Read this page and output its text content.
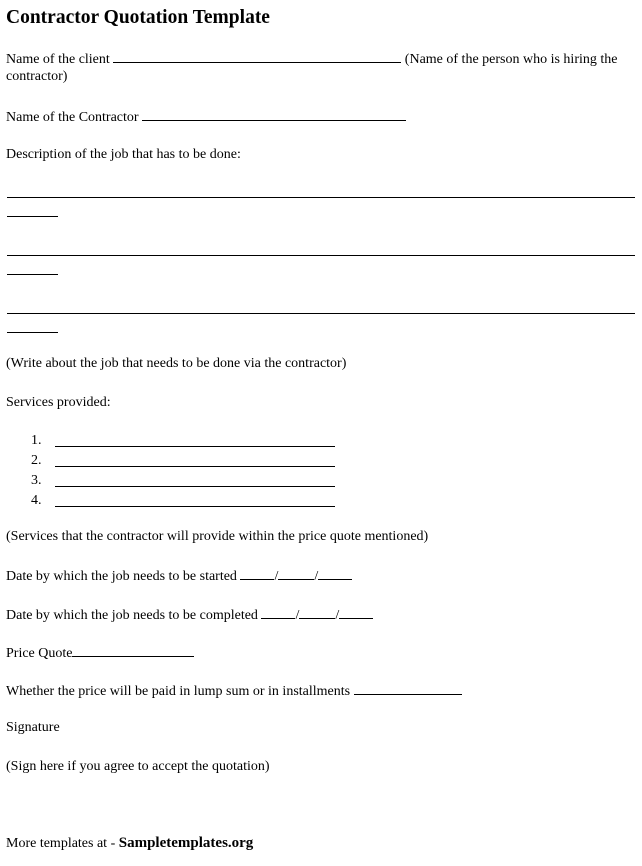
Contractor Quotation Template
Name of the client	(Name of the person who is hiring the
contractor)
Name of the Contractor
Description of the job that has to be done:
(Write about the job that needs to be done via the contractor)
Services provided:
1.
2.
3.
4.
(Services that the contractor will provide within the price quote mentioned)
Date by which the job needs to be started	/	/
Date by which the job needs to be completed	/	/
Price Quote
Whether the price will be paid in lump sum or in installments
Signature
(Sign here if you agree to accept the quotation)
More templates at - Sampletemplates.org
